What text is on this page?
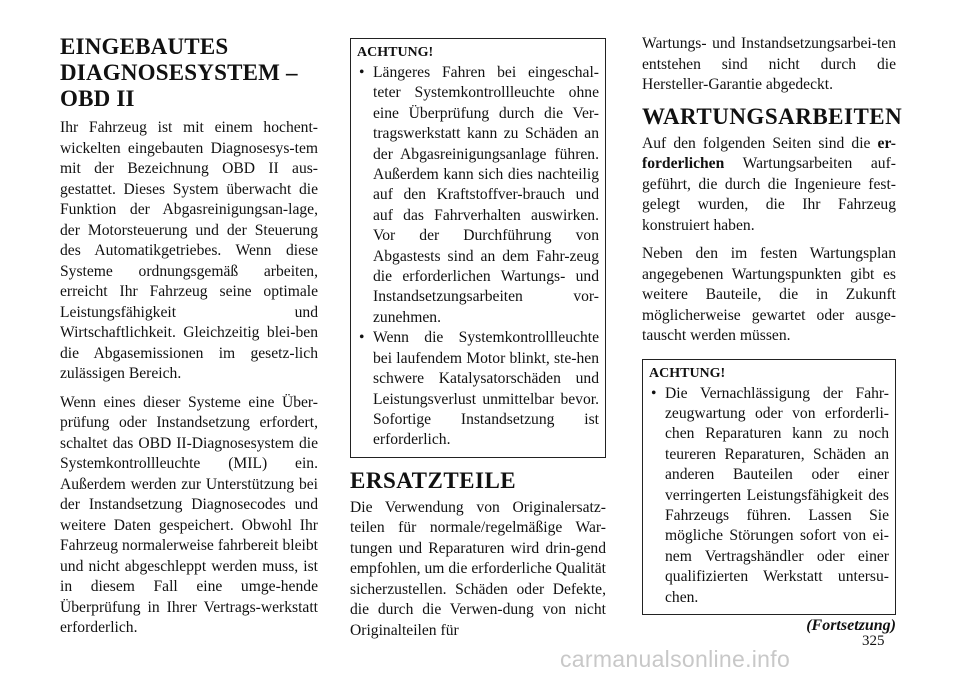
EINGEBAUTES DIAGNOSESYSTEM – OBD II

Ihr Fahrzeug ist mit einem hochent-wickelten eingebauten Diagnosesys-tem mit der Bezeichnung OBD II aus-gestattet. Dieses System überwacht die Funktion der Abgasreinigungsan-lage, der Motorsteuerung und der Steuerung des Automatikgetriebes. Wenn diese Systeme ordnungsgemäß arbeiten, erreicht Ihr Fahrzeug seine optimale Leistungsfähigkeit und Wirtschaftlichkeit. Gleichzeitig blei-ben die Abgasemissionen im gesetz-lich zulässigen Bereich.

Wenn eines dieser Systeme eine Über-prüfung oder Instandsetzung erfordert, schaltet das OBD II-Diagnosesystem die Systemkontrollleuchte (MIL) ein. Außerdem werden zur Unterstützung bei der Instandsetzung Diagnosecodes und weitere Daten gespeichert. Obwohl Ihr Fahrzeug normalerweise fahrbereit bleibt und nicht abgeschleppt werden muss, ist in diesem Fall eine umge-hende Überprüfung in Ihrer Vertrags-werkstatt erforderlich.

ACHTUNG!
• Längeres Fahren bei eingeschal-teter Systemkontrollleuchte ohne eine Überprüfung durch die Ver-tragswerkstatt kann zu Schäden an der Abgasreinigungsanlage führen. Außerdem kann sich dies nachteilig auf den Kraftstoffver-brauch und auf das Fahrverhalten auswirken. Vor der Durchführung von Abgastests sind an dem Fahr-zeug die erforderlichen Wartungs- und Instandsetzungsarbeiten vor-zunehmen.
• Wenn die Systemkontrollleuchte bei laufendem Motor blinkt, ste-hen schwere Katalysatorschäden und Leistungsverlust unmittelbar bevor. Sofortige Instandsetzung ist erforderlich.
ERSATZTEILE

Die Verwendung von Originalersatz-teilen für normale/regelmäßige War-tungen und Reparaturen wird drin-gend empfohlen, um die erforderliche Qualität sicherzustellen. Schäden oder Defekte, die durch die Verwen-dung von nicht Originalteilen für

Wartungs- und Instandsetzungsarbei-ten entstehen sind nicht durch die Hersteller-Garantie abgedeckt.

WARTUNGSARBEITEN

Auf den folgenden Seiten sind die er-forderlichen Wartungsarbeiten auf-geführt, die durch die Ingenieure fest-gelegt wurden, die Ihr Fahrzeug konstruiert haben.

Neben den im festen Wartungsplan angegebenen Wartungspunkten gibt es weitere Bauteile, die in Zukunft möglicherweise gewartet oder ausge-tauscht werden müssen.

ACHTUNG!
• Die Vernachlässigung der Fahr-zeugwartung oder von erforderli-chen Reparaturen kann zu noch teureren Reparaturen, Schäden an anderen Bauteilen oder einer verringerten Leistungsfähigkeit des Fahrzeugs führen. Lassen Sie mögliche Störungen sofort von ei-nem Vertragshändler oder einer qualifizierten Werkstatt untersu-chen.
(Fortsetzung)
325
carmanualsonline.info
